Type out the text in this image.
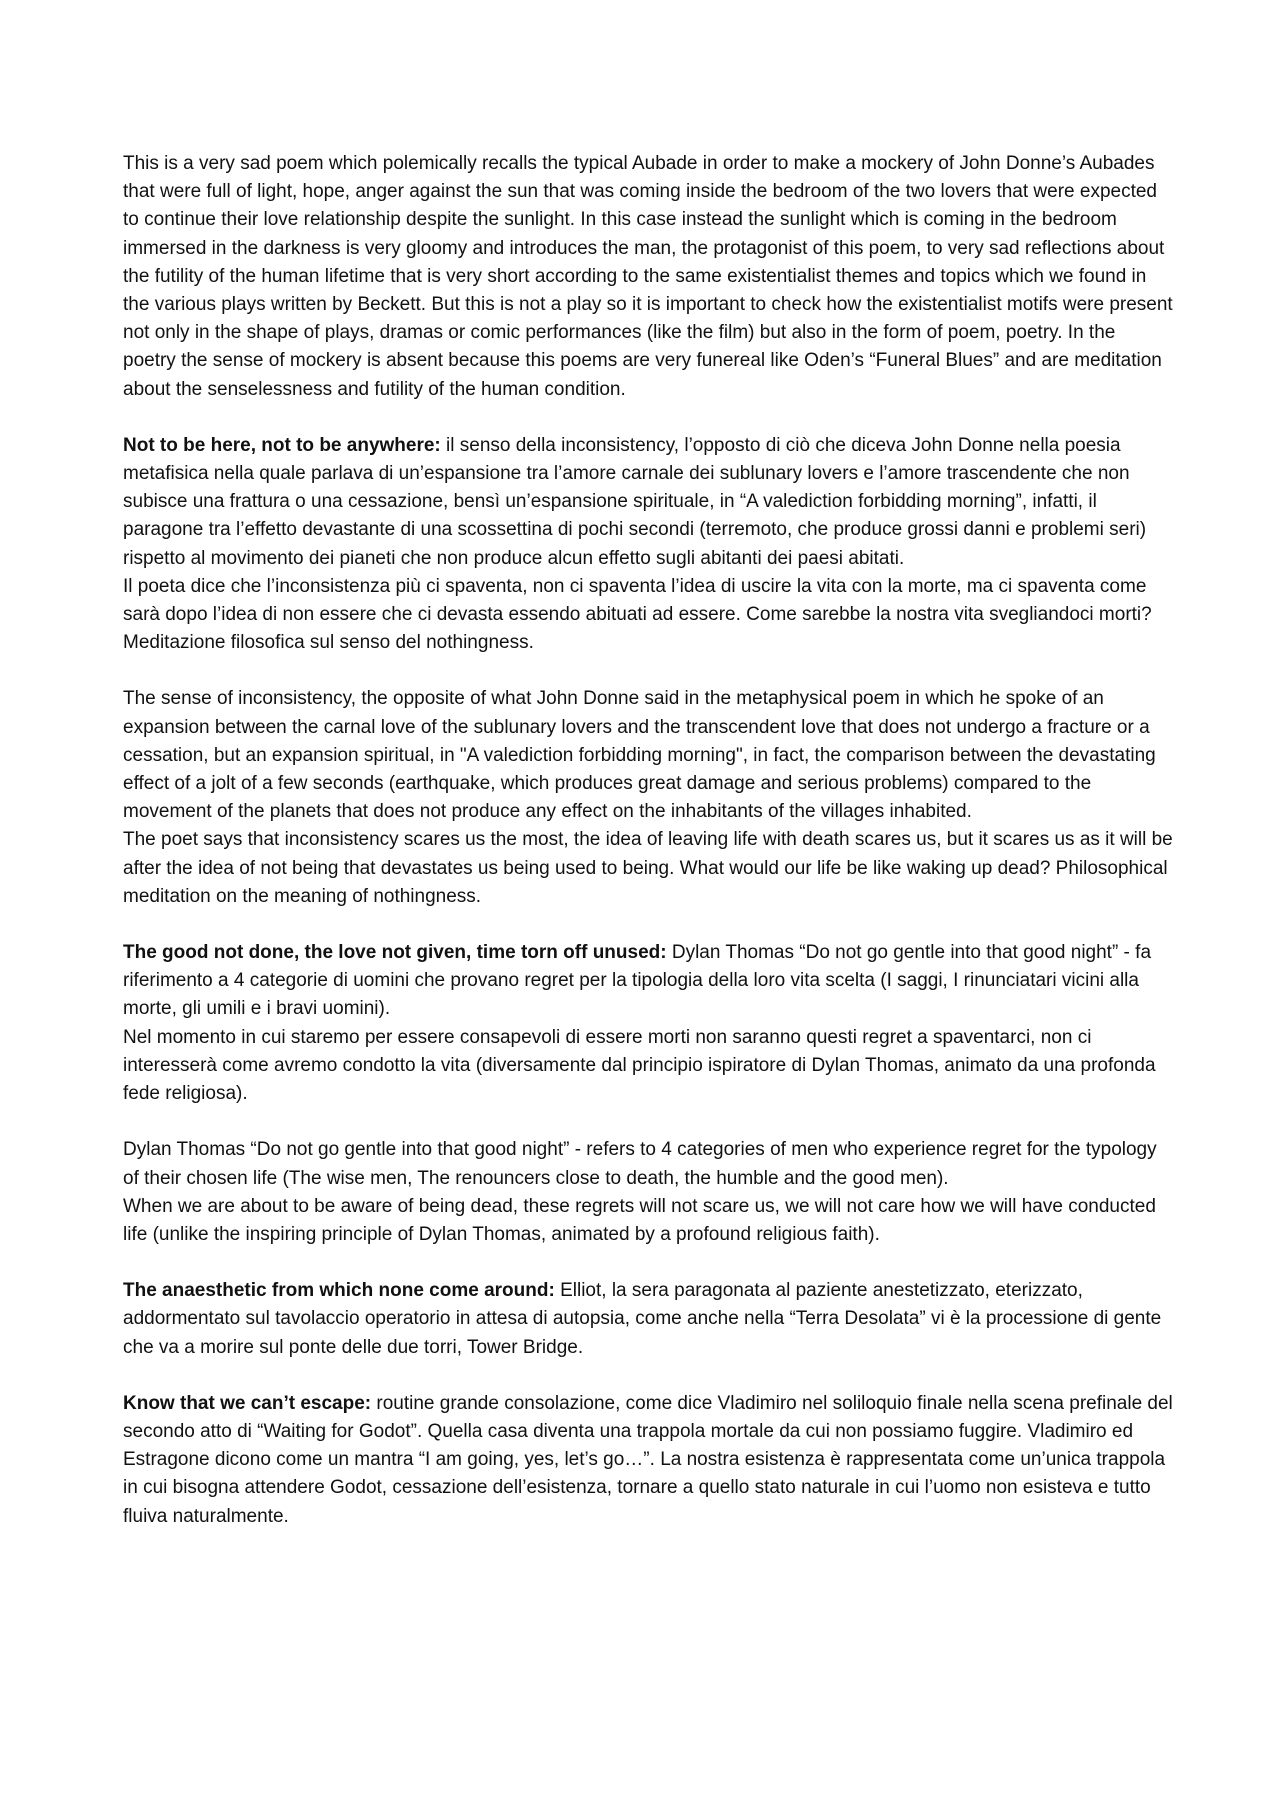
This is a very sad poem which polemically recalls the typical Aubade in order to make a mockery of John Donne’s Aubades that were full of light, hope, anger against the sun that was coming inside the bedroom of the two lovers that were expected to continue their love relationship despite the sunlight. In this case instead the sunlight which is coming in the bedroom immersed in the darkness is very gloomy and introduces the man, the protagonist of this poem, to very sad reflections about the futility of the human lifetime that is very short according to the same existentialist themes and topics which we found in the various plays written by Beckett. But this is not a play so it is important to check how the existentialist motifs were present not only in the shape of plays, dramas or comic performances (like the film) but also in the form of poem, poetry. In the poetry the sense of mockery is absent because this poems are very funereal like Oden’s “Funeral Blues” and are meditation about the senselessness and futility of the human condition.

Not to be here, not to be anywhere: il senso della inconsistency, l’opposto di ciò che diceva John Donne nella poesia metafisica nella quale parlava di un’espansione tra l’amore carnale dei sublunary lovers e l’amore trascendente che non subisce una frattura o una cessazione, bensì un’espansione spirituale, in “A valediction forbidding morning”, infatti, il paragone tra l’effetto devastante di una scossettina di pochi secondi (terremoto, che produce grossi danni e problemi seri) rispetto al movimento dei pianeti che non produce alcun effetto sugli abitanti dei paesi abitati.

Il poeta dice che l’inconsistenza più ci spaventa, non ci spaventa l’idea di uscire la vita con la morte, ma ci spaventa come sarà dopo l’idea di non essere che ci devasta essendo abituati ad essere. Come sarebbe la nostra vita svegliandoci morti? Meditazione filosofica sul senso del nothingness.

The sense of inconsistency, the opposite of what John Donne said in the metaphysical poem in which he spoke of an expansion between the carnal love of the sublunary lovers and the transcendent love that does not undergo a fracture or a cessation, but an expansion spiritual, in "A valediction forbidding morning", in fact, the comparison between the devastating effect of a jolt of a few seconds (earthquake, which produces great damage and serious problems) compared to the movement of the planets that does not produce any effect on the inhabitants of the villages inhabited.

The poet says that inconsistency scares us the most, the idea of leaving life with death scares us, but it scares us as it will be after the idea of not being that devastates us being used to being. What would our life be like waking up dead? Philosophical meditation on the meaning of nothingness.

The good not done, the love not given, time torn off unused: Dylan Thomas “Do not go gentle into that good night” - fa riferimento a 4 categorie di uomini che provano regret per la tipologia della loro vita scelta (I saggi, I rinunciatari vicini alla morte, gli umili e i bravi uomini).

Nel momento in cui staremo per essere consapevoli di essere morti non saranno questi regret a spaventarci, non ci interesserà come avremo condotto la vita (diversamente dal principio ispiratore di Dylan Thomas, animato da una profonda fede religiosa).

Dylan Thomas “Do not go gentle into that good night” - refers to 4 categories of men who experience regret for the typology of their chosen life (The wise men, The renouncers close to death, the humble and the good men).

When we are about to be aware of being dead, these regrets will not scare us, we will not care how we will have conducted life (unlike the inspiring principle of Dylan Thomas, animated by a profound religious faith).

The anaesthetic from which none come around: Elliot, la sera paragonata al paziente anestetizzato, eterizzato, addormentato sul tavolaccio operatorio in attesa di autopsia, come anche nella “Terra Desolata” vi è la processione di gente che va a morire sul ponte delle due torri, Tower Bridge.

Know that we can’t escape: routine grande consolazione, come dice Vladimiro nel soliloquio finale nella scena prefinale del secondo atto di “Waiting for Godot”. Quella casa diventa una trappola mortale da cui non possiamo fuggire. Vladimiro ed Estragone dicono come un mantra “I am going, yes, let’s go…”. La nostra esistenza è rappresentata come un’unica trappola in cui bisogna attendere Godot, cessazione dell’esistenza, tornare a quello stato naturale in cui l’uomo non esisteva e tutto fluiva naturalmente.
